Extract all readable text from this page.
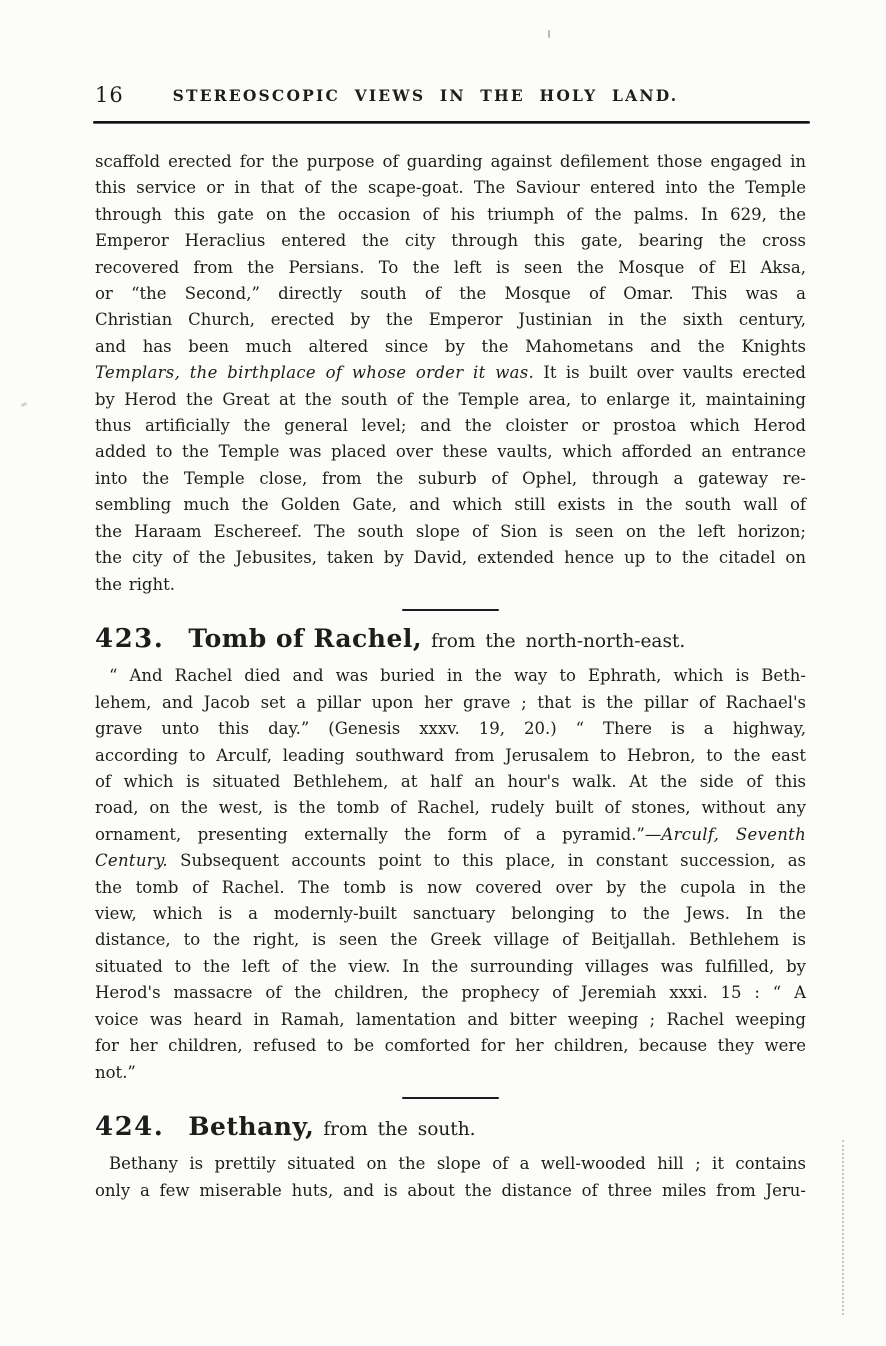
16	STEREOSCOPIC VIEWS IN THE HOLY LAND.
scaffold erected for the purpose of guarding against defilement those engaged in
this service or in that of the scape-goat. The Saviour entered into the Temple
through this gate on the occasion of his triumph of the palms. In 629, the
Emperor Heraclius entered the city through this gate, bearing the cross
recovered from the Persians. To the left is seen the Mosque of El Aksa,
or “the Second,” directly south of the Mosque of Omar. This was a
Christian Church, erected by the Emperor Justinian in the sixth century,
and has been much altered since by the Mahometans and the Knights
Templars, the birthplace of whose order it was. It is built over vaults erected
by Herod the Great at the south of the Temple area, to enlarge it, maintaining
thus artificially the general level; and the cloister or prostoa which Herod
added to the Temple was placed over these vaults, which afforded an entrance
into the Temple close, from the suburb of Ophel, through a gateway re-
sembling much the Golden Gate, and which still exists in the south wall of
the Haraam Eschereef. The south slope of Sion is seen on the left horizon;
the city of the Jebusites, taken by David, extended hence up to the citadel on
the right.
423. Tomb of Rachel, from the north-north-east.
“ And Rachel died and was buried in the way to Ephrath, which is Beth-
lehem, and Jacob set a pillar upon her grave ; that is the pillar of Rachael's
grave unto this day.” (Genesis xxxv. 19, 20.) “ There is a highway,
according to Arculf, leading southward from Jerusalem to Hebron, to the east
of which is situated Bethlehem, at half an hour's walk. At the side of this
road, on the west, is the tomb of Rachel, rudely built of stones, without any
ornament, presenting externally the form of a pyramid.”—Arculf, Seventh
Century. Subsequent accounts point to this place, in constant succession, as
the tomb of Rachel. The tomb is now covered over by the cupola in the
view, which is a modernly-built sanctuary belonging to the Jews. In the
distance, to the right, is seen the Greek village of Beitjallah. Bethlehem is
situated to the left of the view. In the surrounding villages was fulfilled, by
Herod's massacre of the children, the prophecy of Jeremiah xxxi. 15 : “ A
voice was heard in Ramah, lamentation and bitter weeping ; Rachel weeping
for her children, refused to be comforted for her children, because they were
not.”
424. Bethany, from the south.
Bethany is prettily situated on the slope of a well-wooded hill ; it contains
only a few miserable huts, and is about the distance of three miles from Jeru-
